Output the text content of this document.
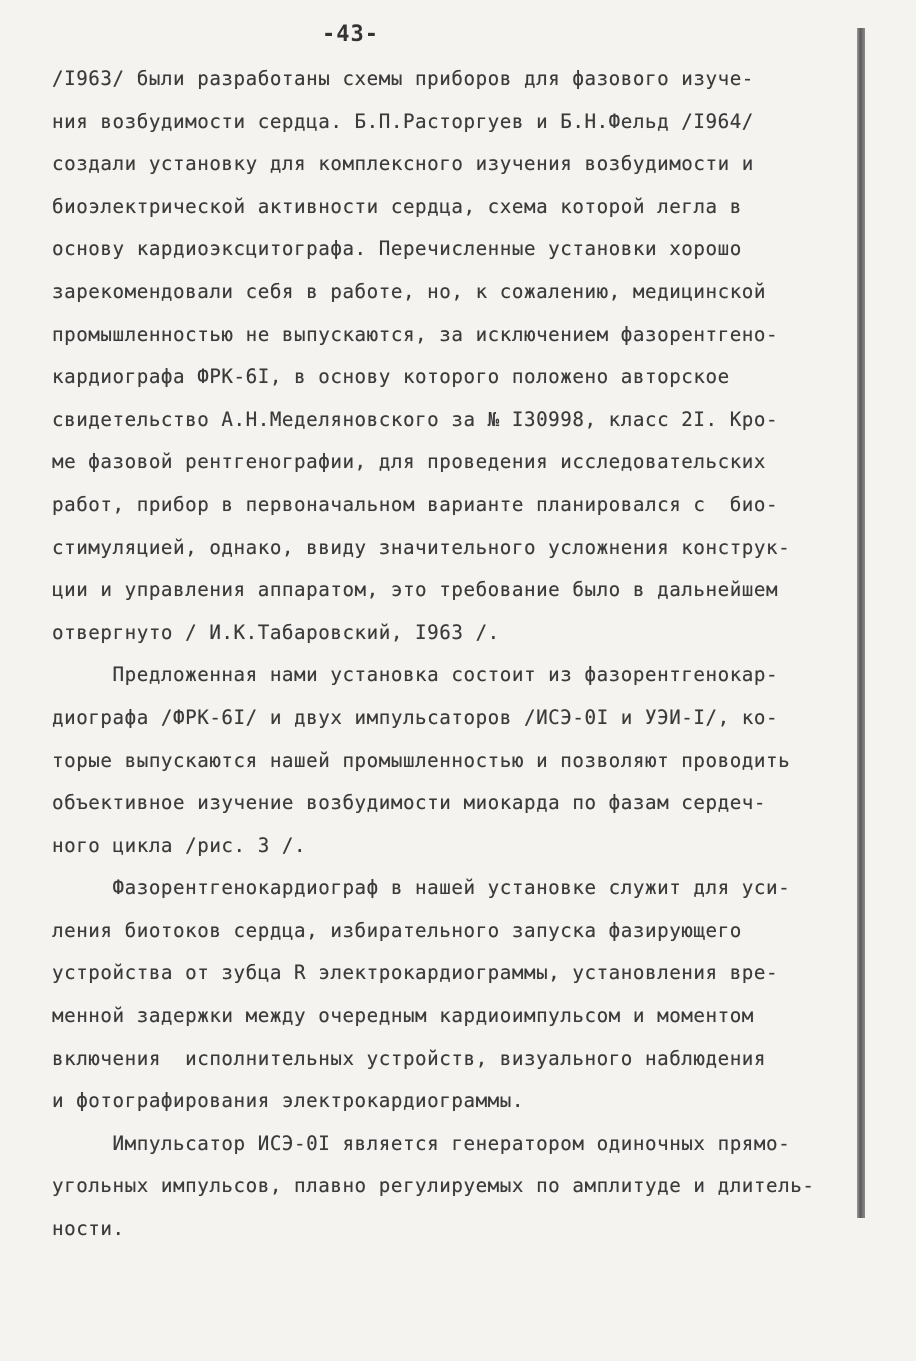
-43-
/I963/ были разработаны схемы приборов для фазового изуче-
ния возбудимости сердца. Б.П.Расторгуев и Б.Н.Фельд /I964/
создали установку для комплексного изучения возбудимости и
биоэлектрической активности сердца, схема которой легла в
основу кардиоэксцитографа. Перечисленные установки хорошо
зарекомендовали себя в работе, но, к сожалению, медицинской
промышленностью не выпускаются, за исключением фазорентгено-
кардиографа ФРК-6I, в основу которого положено авторское
свидетельство А.Н.Меделяновского за № I30998, класс 2I. Кро-
ме фазовой рентгенографии, для проведения исследовательских
работ, прибор в первоначальном варианте планировался с  био-
стимуляцией, однако, ввиду значительного усложнения конструк-
ции и управления аппаратом, это требование было в дальнейшем
отвергнуто / И.К.Табаровский, I963 /.
Предложенная нами установка состоит из фазорентгенокар-
диографа /ФРК-6I/ и двух импульсаторов /ИСЭ-0I и УЭИ-I/, ко-
торые выпускаются нашей промышленностью и позволяют проводить
объективное изучение возбудимости миокарда по фазам сердеч-
ного цикла /рис. 3 /.
Фазорентгенокардиограф в нашей установке служит для уси-
ления биотоков сердца, избирательного запуска фазирующего
устройства от зубца R электрокардиограммы, установления вре-
менной задержки между очередным кардиоимпульсом и моментом
включения  исполнительных устройств, визуального наблюдения
и фотографирования электрокардиограммы.
Импульсатор ИСЭ-0I является генератором одиночных прямо-
угольных импульсов, плавно регулируемых по амплитуде и длитель-
ности.
